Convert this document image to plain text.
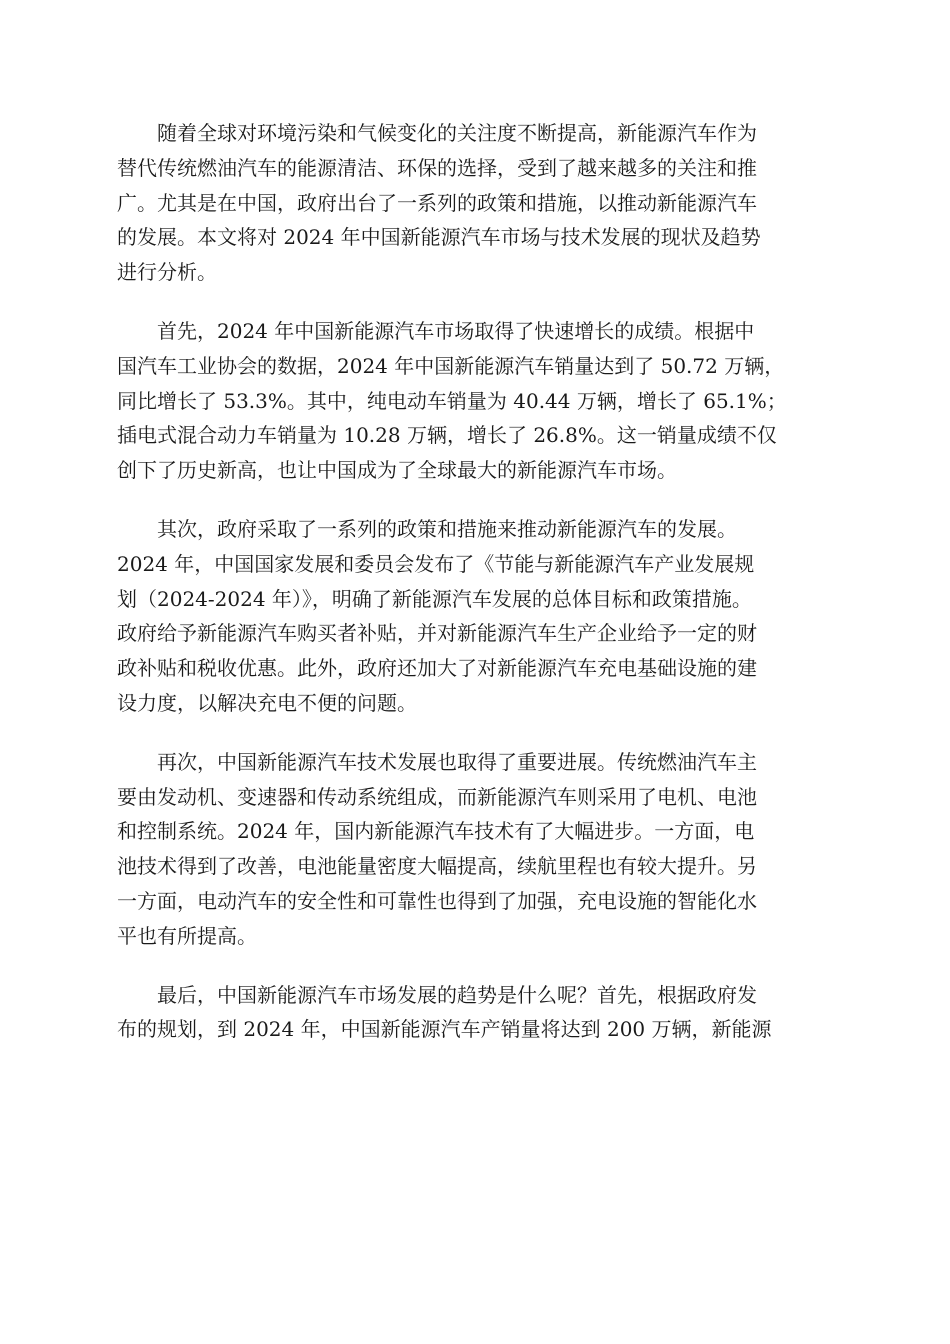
随着全球对环境污染和气候变化的关注度不断提高，新能源汽车作为
替代传统燃油汽车的能源清洁、环保的选择，受到了越来越多的关注和推
广。尤其是在中国，政府出台了一系列的政策和措施，以推动新能源汽车
的发展。本文将对 2024 年中国新能源汽车市场与技术发展的现状及趋势
进行分析。

首先，2024 年中国新能源汽车市场取得了快速增长的成绩。根据中
国汽车工业协会的数据，2024 年中国新能源汽车销量达到了 50.72 万辆，
同比增长了 53.3%。其中，纯电动车销量为 40.44 万辆，增长了 65.1%；
插电式混合动力车销量为 10.28 万辆，增长了 26.8%。这一销量成绩不仅
创下了历史新高，也让中国成为了全球最大的新能源汽车市场。

其次，政府采取了一系列的政策和措施来推动新能源汽车的发展。
2024 年，中国国家发展和委员会发布了《节能与新能源汽车产业发展规
划（2024-2024 年）》，明确了新能源汽车发展的总体目标和政策措施。
政府给予新能源汽车购买者补贴，并对新能源汽车生产企业给予一定的财
政补贴和税收优惠。此外，政府还加大了对新能源汽车充电基础设施的建
设力度，以解决充电不便的问题。

再次，中国新能源汽车技术发展也取得了重要进展。传统燃油汽车主
要由发动机、变速器和传动系统组成，而新能源汽车则采用了电机、电池
和控制系统。2024 年，国内新能源汽车技术有了大幅进步。一方面，电
池技术得到了改善，电池能量密度大幅提高，续航里程也有较大提升。另
一方面，电动汽车的安全性和可靠性也得到了加强，充电设施的智能化水
平也有所提高。

最后，中国新能源汽车市场发展的趋势是什么呢？首先，根据政府发
布的规划，到 2024 年，中国新能源汽车产销量将达到 200 万辆，新能源
